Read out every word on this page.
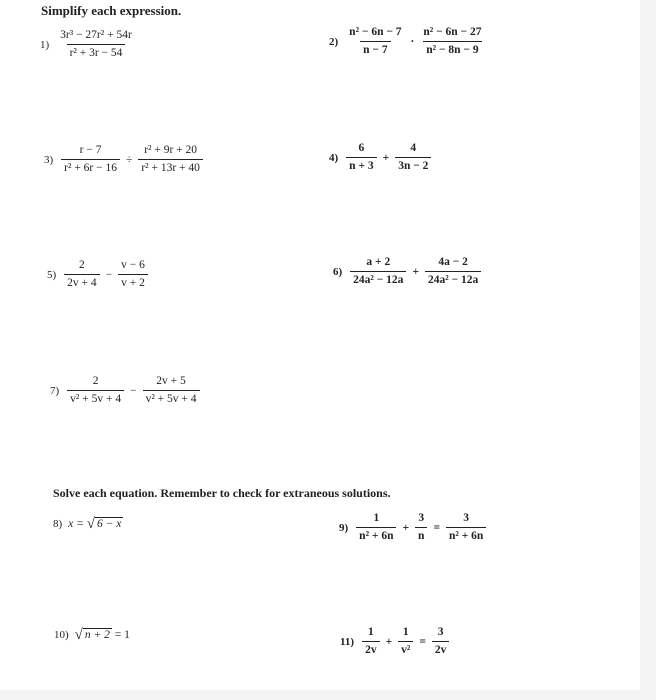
Simplify each expression.
$1) \frac{\text{3r³ − 27r² + 54r}}{\text{r² + 3r − 54}}$	$2) \frac{\text{n² − 6n − 7}}{n - 7} \cdot \frac{\text{n² − 6n − 27}}{\text{n² − 8n − 9}}$
$3) \frac{r - 7}{\text{r² + 6r − 16}} \div \frac{\text{r² + 9r + 20}}{\text{r² + 13r + 40}}$	$4) \frac{6}{n + 3} + \frac{4}{3n - 2}$
$5) \frac{2}{2v + 4} - \frac{v - 6}{v + 2}$	$6) \frac{a + 2}{\text{24a² − 12a}} + \frac{4a - 2}{\text{24a² − 12a}}$
$7) \frac{2}{\text{v² + 5v + 4}} - \frac{2v + 5}{\text{v² + 5v + 4}}$
Solve each equation. Remember to check for extraneous solutions.
8) x = √ 6 − x	$9) \frac{1}{\text{n² + 6n}} + \frac{3}{n} = \frac{3}{\text{n² + 6n}}$
10) √ n + 2 = 1
$11) \frac{1}{2v} + \frac{1}{\text{v²}} = \frac{3}{2v}$
